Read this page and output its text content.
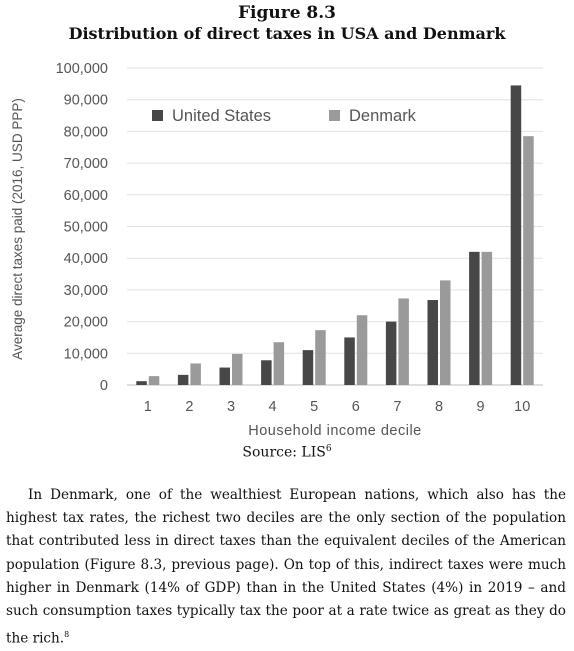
Figure 8.3
Distribution of direct taxes in USA and Denmark
0
10,000
20,000
30,000
40,000
50,000
60,000
70,000
80,000
90,000
100,000
1 2 3 4 5 6 7 8 9 10
United States	Denmark
Average direct taxes paid (2016, USD PPP)
Household income decile
Source: LIS$^6$

In Denmark, one of the wealthiest European nations, which also has the highest tax rates, the richest two deciles are the only section of the population that contributed less in direct taxes than the equivalent deciles of the American population (Figure 8.3, previous page). On top of this, indirect taxes were much higher in Denmark (14% of GDP) than in the United States (4%) in 2019 – and such consumption taxes typically tax the poor at a rate twice as great as they do the rich.$^8$
